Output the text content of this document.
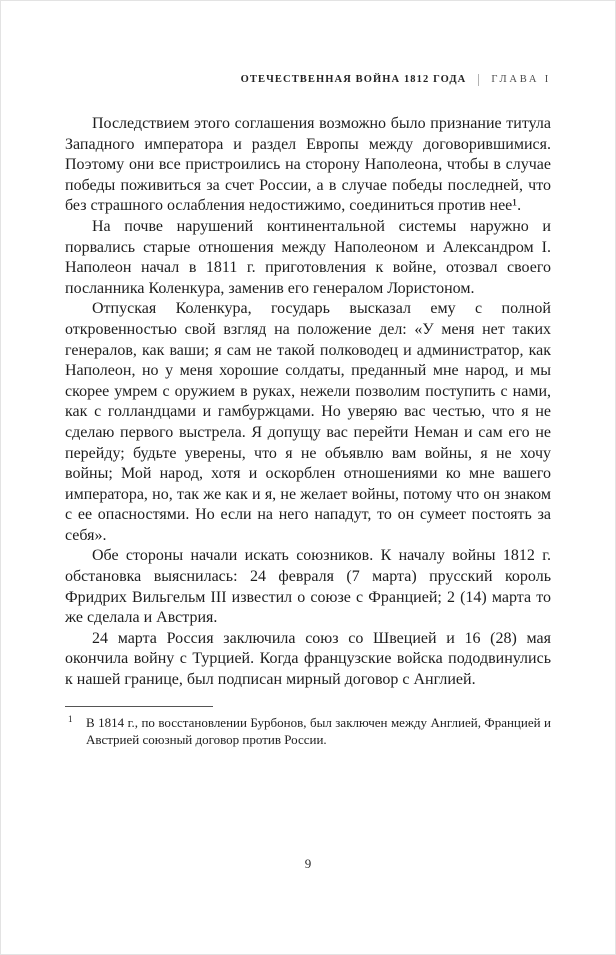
ОТЕЧЕСТВЕННАЯ ВОЙНА 1812 ГОДА ГЛАВА I

Последствием этого соглашения возможно было признание титула Западного императора и раздел Европы между договорившимися. Поэтому они все пристроились на сторону Наполеона, чтобы в случае победы поживиться за счет России, а в случае победы последней, что без страшного ослабления недостижимо, соединиться против нее¹.

На почве нарушений континентальной системы наружно и порвались старые отношения между Наполеоном и Александром I. Наполеон начал в 1811 г. приготовления к войне, отозвал своего посланника Коленкура, заменив его генералом Лористоном.

Отпуская Коленкура, государь высказал ему с полной откровенностью свой взгляд на положение дел: «У меня нет таких генералов, как ваши; я сам не такой полководец и администратор, как Наполеон, но у меня хорошие солдаты, преданный мне народ, и мы скорее умрем с оружием в руках, нежели позволим поступить с нами, как с голландцами и гамбуржцами. Но уверяю вас честью, что я не сделаю первого выстрела. Я допущу вас перейти Неман и сам его не перейду; будьте уверены, что я не объявлю вам войны, я не хочу войны; Мой народ, хотя и оскорблен отношениями ко мне вашего императора, но, так же как и я, не желает войны, потому что он знаком с ее опасностями. Но если на него нападут, то он сумеет постоять за себя».

Обе стороны начали искать союзников. К началу войны 1812 г. обстановка выяснилась: 24 февраля (7 марта) прусский король Фридрих Вильгельм III известил о союзе с Францией; 2 (14) марта то же сделала и Австрия.

24 марта Россия заключила союз со Швецией и 16 (28) мая окончила войну с Турцией. Когда французские войска пододвинулись к нашей границе, был подписан мирный договор с Англией.

1	В 1814 г., по восстановлении Бурбонов, был заключен между Англией, Францией и Австрией союзный договор против России.
9
